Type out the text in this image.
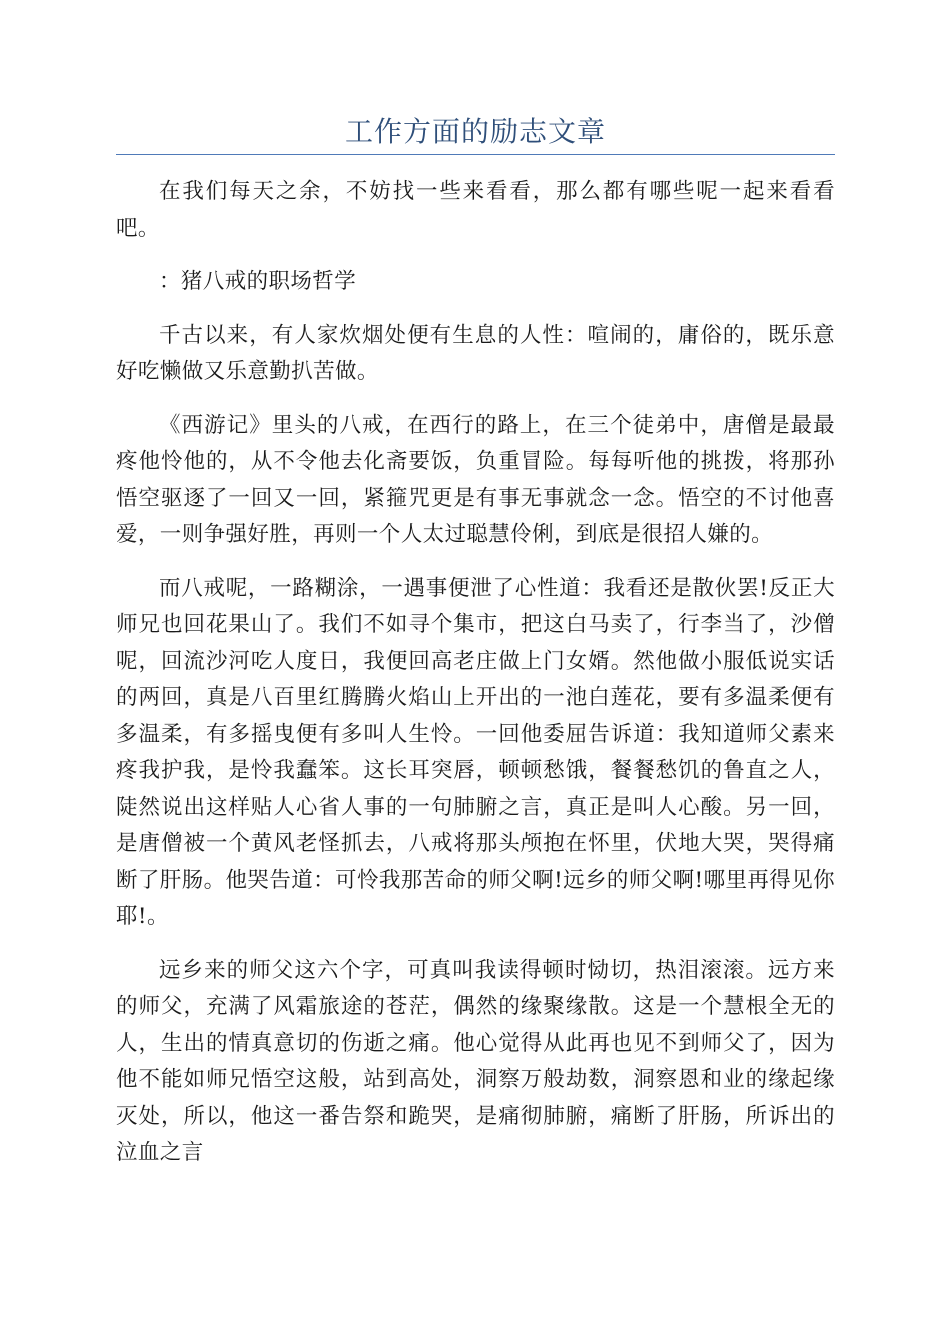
工作方面的励志文章

在我们每天之余，不妨找一些来看看，那么都有哪些呢一起来看看吧。

：猪八戒的职场哲学

千古以来，有人家炊烟处便有生息的人性：喧闹的，庸俗的，既乐意好吃懒做又乐意勤扒苦做。

《西游记》里头的八戒，在西行的路上，在三个徒弟中，唐僧是最最疼他怜他的，从不令他去化斋要饭，负重冒险。每每听他的挑拨，将那孙悟空驱逐了一回又一回，紧箍咒更是有事无事就念一念。悟空的不讨他喜爱，一则争强好胜，再则一个人太过聪慧伶俐，到底是很招人嫌的。

而八戒呢，一路糊涂，一遇事便泄了心性道：我看还是散伙罢!反正大师兄也回花果山了。我们不如寻个集市，把这白马卖了，行李当了，沙僧呢，回流沙河吃人度日，我便回高老庄做上门女婿。然他做小服低说实话的两回，真是八百里红腾腾火焰山上开出的一池白莲花，要有多温柔便有多温柔，有多摇曳便有多叫人生怜。一回他委屈告诉道：我知道师父素来疼我护我，是怜我蠢笨。这长耳突唇，顿顿愁饿，餐餐愁饥的鲁直之人，陡然说出这样贴人心省人事的一句肺腑之言，真正是叫人心酸。另一回，是唐僧被一个黄风老怪抓去，八戒将那头颅抱在怀里，伏地大哭，哭得痛断了肝肠。他哭告道：可怜我那苦命的师父啊!远乡的师父啊!哪里再得见你耶!。

远乡来的师父这六个字，可真叫我读得顿时恸切，热泪滚滚。远方来的师父，充满了风霜旅途的苍茫，偶然的缘聚缘散。这是一个慧根全无的人，生出的情真意切的伤逝之痛。他心觉得从此再也见不到师父了，因为他不能如师兄悟空这般，站到高处，洞察万般劫数，洞察恩和业的缘起缘灭处，所以，他这一番告祭和跪哭，是痛彻肺腑，痛断了肝肠，所诉出的泣血之言
